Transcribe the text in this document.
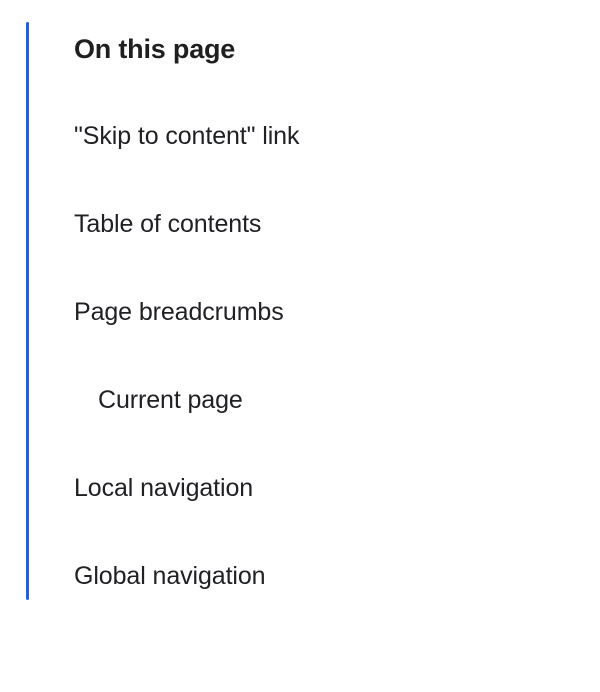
On this page
"Skip to content" link
Table of contents
Page breadcrumbs
Current page
Local navigation
Global navigation
